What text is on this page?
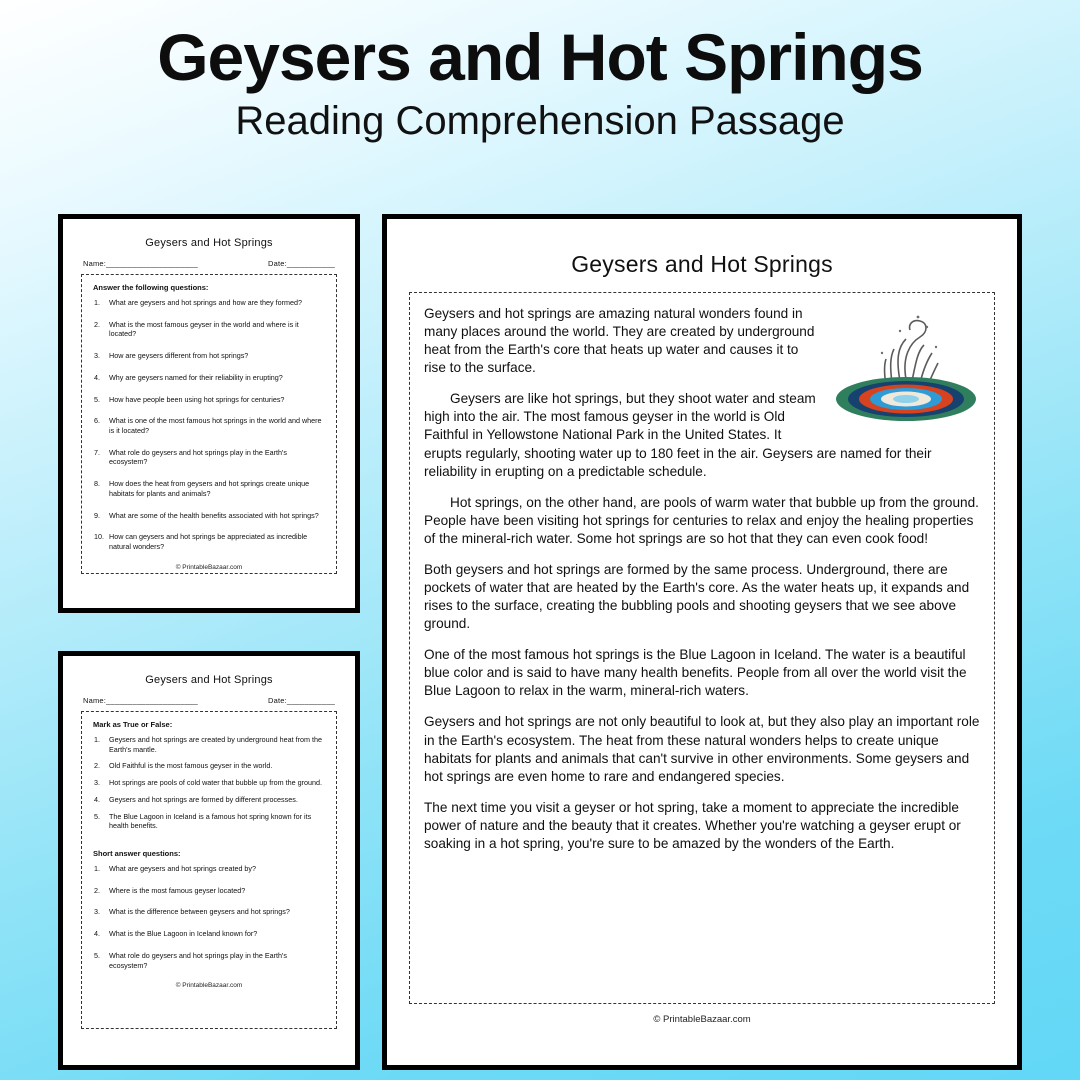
Geysers and Hot Springs
Reading Comprehension Passage
Geysers and Hot Springs
Name:_____________________	Date:___________
Answer the following questions:
What are geysers and hot springs and how are they formed?
What is the most famous geyser in the world and where is it located?
How are geysers different from hot springs?
Why are geysers named for their reliability in erupting?
How have people been using hot springs for centuries?
What is one of the most famous hot springs in the world and where is it located?
What role do geysers and hot springs play in the Earth's ecosystem?
How does the heat from geysers and hot springs create unique habitats for plants and animals?
What are some of the health benefits associated with hot springs?
How can geysers and hot springs be appreciated as incredible natural wonders?
© PrintableBazaar.com
Geysers and Hot Springs
Name:_____________________	Date:___________
Mark as True or False:
Geysers and hot springs are created by underground heat from the Earth's mantle.
Old Faithful is the most famous geyser in the world.
Hot springs are pools of cold water that bubble up from the ground.
Geysers and hot springs are formed by different processes.
The Blue Lagoon in Iceland is a famous hot spring known for its health benefits.
Short answer questions:
What are geysers and hot springs created by?
Where is the most famous geyser located?
What is the difference between geysers and hot springs?
What is the Blue Lagoon in Iceland known for?
What role do geysers and hot springs play in the Earth's ecosystem?
© PrintableBazaar.com
Geysers and Hot Springs

Geysers and hot springs are amazing natural wonders found in many places around the world. They are created by underground heat from the Earth's core that heats up water and causes it to rise to the surface.

Geysers are like hot springs, but they shoot water and steam high into the air. The most famous geyser in the world is Old Faithful in Yellowstone National Park in the United States. It erupts regularly, shooting water up to 180 feet in the air. Geysers are named for their reliability in erupting on a predictable schedule.

Hot springs, on the other hand, are pools of warm water that bubble up from the ground. People have been visiting hot springs for centuries to relax and enjoy the healing properties of the mineral-rich water. Some hot springs are so hot that they can even cook food!

Both geysers and hot springs are formed by the same process. Underground, there are pockets of water that are heated by the Earth's core. As the water heats up, it expands and rises to the surface, creating the bubbling pools and shooting geysers that we see above ground.

One of the most famous hot springs is the Blue Lagoon in Iceland. The water is a beautiful blue color and is said to have many health benefits. People from all over the world visit the Blue Lagoon to relax in the warm, mineral-rich waters.

Geysers and hot springs are not only beautiful to look at, but they also play an important role in the Earth's ecosystem. The heat from these natural wonders helps to create unique habitats for plants and animals that can't survive in other environments. Some geysers and hot springs are even home to rare and endangered species.

The next time you visit a geyser or hot spring, take a moment to appreciate the incredible power of nature and the beauty that it creates. Whether you're watching a geyser erupt or soaking in a hot spring, you're sure to be amazed by the wonders of the Earth.

© PrintableBazaar.com
